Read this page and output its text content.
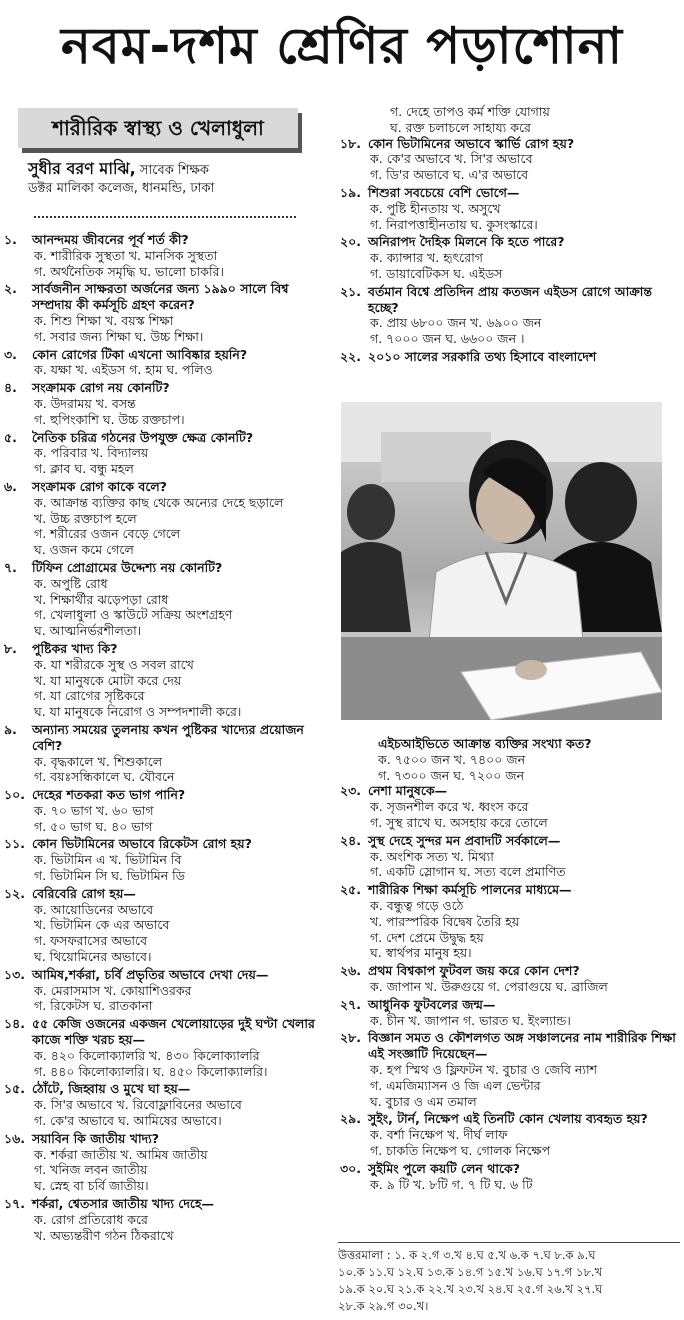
নবম-দশম শ্রেণির পড়াশোনা
শারীরিক স্বাস্থ্য ও খেলাধুলা
সুধীর বরণ মাঝি, সাবেক শিক্ষক
ডক্টর মালিকা কলেজ, ধানমন্ডি, ঢাকা
১. আনন্দময় জীবনের পূর্ব শর্ত কী?
ক. শারীরিক সুস্থতা খ. মানসিক সুস্থতা
গ. অর্থনৈতিক সমৃদ্ধি ঘ. ভালো চাকরি।
২. সার্বজনীন সাক্ষরতা অর্জনের জন্য ১৯৯০ সালে বিশ্ব সম্প্রদায় কী কর্মসূচি গ্রহণ করেন?
ক. শিশু শিক্ষা খ. বয়স্ক শিক্ষা
গ. সবার জন্য শিক্ষা ঘ. উচ্চ শিক্ষা।
৩. কোন রোগের টিকা এখনো আবিষ্কার হয়নি?
ক. যক্ষা খ. এইডস গ. হাম ঘ. পলিও
৪. সংক্রামক রোগ নয় কোনটি?
ক. উদরাময় খ. বসন্ত
গ. হুপিংকাশি ঘ. উচ্চ রক্তচাপ।
৫. নৈতিক চরিত্র গঠনের উপযুক্ত ক্ষেত্র কোনটি?
ক. পরিবার খ. বিদ্যালয়
গ. ক্লাব ঘ. বন্ধু মহল
৬. সংক্রামক রোগ কাকে বলে?
ক. আক্রান্ত ব্যক্তির কাছ থেকে অন্যের দেহে ছড়ালে
খ. উচ্চ রক্তচাপ হলে
গ. শরীরের ওজন বেড়ে গেলে
ঘ. ওজন কমে গেলে
৭. টিফিন প্রোগ্রামের উদ্দেশ্য নয় কোনটি?
ক. অপুষ্টি রোধ
খ. শিক্ষার্থীর ঝড়েপড়া রোধ
গ. খেলাধুলা ও স্কাউটে সক্রিয় অংশগ্রহণ
ঘ. আত্মনির্ভরশীলতা।
৮. পুষ্টিকর খাদ্য কি?
ক. যা শরীরকে সুস্থ ও সবল রাখে
খ. যা মানুষকে মোটা করে দেয়
গ. যা রোগের সৃষ্টিকরে
ঘ. যা মানুষকে নিরোগ ও সম্পদশালী করে।
৯. অন্যান্য সময়ের তুলনায় কখন পুষ্টিকর খাদ্যের প্রয়োজন বেশি?
ক. বৃদ্ধকালে খ. শিশুকালে
গ. বয়ঃসন্ধিকালে ঘ. যৌবনে
১০. দেহের শতকরা কত ভাগ পানি?
ক. ৭০ ভাগ খ. ৬০ ভাগ
গ. ৫০ ভাগ ঘ. ৪০ ভাগ
১১. কোন ভিটামিনের অভাবে রিকেটস রোগ হয়?
ক. ভিটামিন এ খ. ভিটামিন বি
গ. ভিটামিন সি ঘ. ভিটামিন ডি
১২. বেরিবেরি রোগ হয়—
ক. আয়োডিনের অভাবে
খ. ভিটামিন কে এর অভাবে
গ. ফসফরাসের অভাবে
ঘ. থিয়োমিনের অভাবে।
১৩. আমিষ,শর্করা, চর্বি প্রভৃতির অভাবে দেখা দেয়—
ক. মেরাসমাস খ. কোয়াশিওরকর
গ. রিকেটস ঘ. রাতকানা
১৪. ৫৫ কেজি ওজনের একজন খেলোয়াড়ের দুই ঘণ্টা খেলার কাজে শক্তি খরচ হয়—
ক. ৪২০ কিলোক্যালরি খ. ৪৩০ কিলোক্যালরি
গ. ৪৪০ কিলোক্যালরি। ঘ. ৪৫০ কিলোক্যালরি।
১৫. ঠোঁটে, জিহ্বায় ও মুখে ঘা হয়—
ক. সি'র অভাবে খ. রিবোফ্লাবিনের অভাবে
গ. কে'র অভাবে ঘ. আমিষের অভাবে।
১৬. সয়াবিন কি জাতীয় খাদ্য?
ক. শর্করা জাতীয় খ. আমিষ জাতীয়
গ. খনিজ লবন জাতীয়
ঘ. স্নেহ বা চর্বি জাতীয়।
১৭. শর্করা, শ্বেতসার জাতীয় খাদ্য দেহে—
ক. রোগ প্রতিরোধ করে
খ. অভ্যন্তরীণ গঠন ঠিকরাখে
গ. দেহে তাপও কর্ম শক্তি যোগায়
ঘ. রক্ত চলাচলে সাহায্য করে
১৮. কোন ভিটামিনের অভাবে স্কার্ভি রোগ হয়?
ক. কে'র অভাবে খ. সি'র অভাবে
গ. ডি'র অভাবে ঘ. এ'র অভাবে
১৯. শিশুরা সবচেয়ে বেশি ভোগে—
ক. পুষ্টি হীনতায় খ. অসুখে
গ. নিরাপত্তাহীনতায় ঘ. কুসংস্কারে।
২০. অনিরাপদ দৈহিক মিলনে কি হতে পারে?
ক. ক্যান্সার খ. হৃৎরোগ
গ. ডায়াবেটিকস ঘ. এইডস
২১. বর্তমান বিশ্বে প্রতিদিন প্রায় কতজন এইডস রোগে আক্রান্ত হচ্ছে?
ক. প্রায় ৬৮০০ জন খ. ৬৯০০ জন
গ. ৭০০০ জন ঘ. ৬৬০০ জন ।
২২. ২০১০ সালের সরকারি তথ্য হিসাবে বাংলাদেশ
এইচআইভিতে আক্রান্ত ব্যক্তির সংখ্যা কত?
ক. ৭৫০০ জন খ. ৭৪০০ জন
গ. ৭৩০০ জন ঘ. ৭২০০ জন
২৩. নেশা মানুষকে—
ক. সৃজনশীল করে খ. ধ্বংস করে
গ. সুস্থ রাখে ঘ. অসহায় করে তোলে
২৪. সুস্থ দেহে সুন্দর মন প্রবাদটি সর্বকালে—
ক. অংশিক সত্য খ. মিথ্যা
গ. একটি স্লোগান ঘ. সত্য বলে প্রমাণিত
২৫. শারীরিক শিক্ষা কর্মসূচি পালনের মাধ্যমে—
ক. বন্ধুত্ব গড়ে ওঠে
খ. পারস্পরিক বিদ্বেষ তৈরি হয়
গ. দেশ প্রেমে উদ্বুদ্ধ হয়
ঘ. স্বার্থপর মানুষ হয়।
২৬. প্রথম বিশ্বকাপ ফুটবল জয় করে কোন দেশ?
ক. জাপান খ. উরুগুয়ে গ. পেরাগুয়ে ঘ. ব্রাজিল
২৭. আধুনিক ফুটবলের জন্ম—
ক. চীন খ. জাপান গ. ভারত ঘ. ইংল্যান্ড।
২৮. বিজ্ঞান সমত ও কৌশলগত অঙ্গ সঞ্চালনের নাম শারীরিক শিক্ষা এই সংজ্ঞাটি দিয়েছেন—
ক. হপ স্মিথ ও ফ্লিফটন খ. বুচার ও জেবি ন্যাশ
গ. এমজিম্যাসন ও জি এল ভেন্টার
ঘ. বুচার ও এম তমাল
২৯. সুইং, টার্ন, নিক্ষেপ এই তিনটি কোন খেলায় ব্যবহৃত হয়?
ক. বর্শা নিক্ষেপ খ. দীর্ঘ লাফ
গ. চাকতি নিক্ষেপ ঘ. গোলক নিক্ষেপ
৩০. সুইমিং পুলে কয়টি লেন থাকে?
ক. ৯ টি খ. ৮টি গ. ৭ টি ঘ. ৬ টি
উত্তরমালা : ১. ক ২.গ ৩.খ ৪.ঘ ৫.খ ৬.ক ৭.ঘ ৮.ক ৯.ঘ
১০.ক ১১.ঘ ১২.ঘ ১৩.ক ১৪.গ ১৫.খ ১৬.ঘ ১৭.গ ১৮.খ
১৯.ক ২০.ঘ ২১.ক ২২.খ ২৩.খ ২৪.ঘ ২৫.গ ২৬.খ ২৭.ঘ
২৮.ক ২৯.গ ৩০.খ।
